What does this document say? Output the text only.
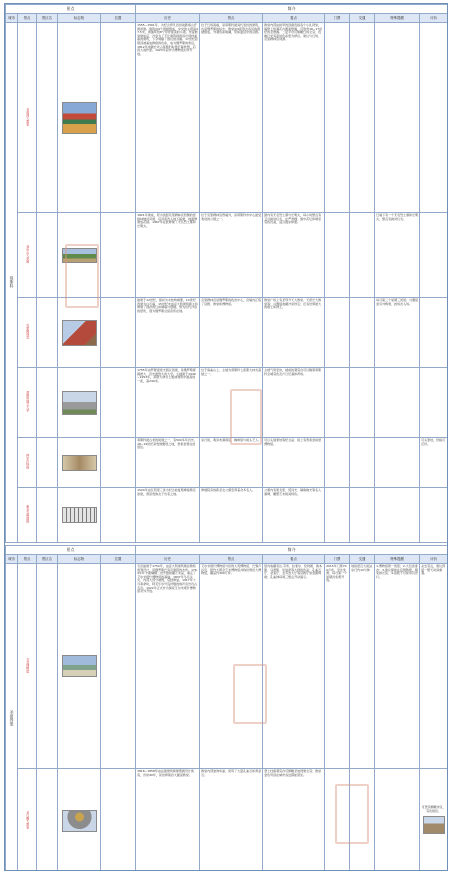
景点					简介						
城市	景点	景区名	标志物	位置	历史	景点	看点	门票	交通	特殊提醒	评价
莫斯科	圣彼得大教堂				1555~1561年，为纪念伊凡四世战胜喀山汗国而建。建筑由9个塔楼组成，中央的主塔高47.5米，周围环绕8个带洋葱顶的小塔。传说教堂建成后，沙皇为了不让建筑师再造出同样美丽的建筑，下令刺瞎了他们的双眼。17世纪起塔顶被漆成鲜艳的色彩，成为俄罗斯的象征。1812年拿破仑攻占莫斯科时曾打算炸毁，后因大雨作罢。1923年起作为博物馆对外开放。	位于红场南端，是莫斯科最具代表性的建筑，也是俄罗斯的标志。教堂由9座形态各异的塔楼组成，外观色彩斑斓，宛如童话中的宫殿。	教堂内部由狭窄的回廊连接各个小礼拜堂，墙壁上绘满花卉图案壁画，可欣赏16~17世纪的圣像画。二层平台可俯瞰红场全景；夜晚灯光亮起时色彩更为梦幻。建议与红场、克里姆林宫同游。				
	亚历山大花园				1821年建成，原为流经克里姆林宫西侧的涅格林纳河河道，后河流改入地下暗渠，地面修建成花园。1967年在此修建了无名烈士墓和长明火。	位于克里姆林宫西墙外，是莫斯科市中心最受欢迎的公园之一。	园内有无名烈士墓与长明火，每小时整点有卫兵换岗仪式，庄严肃穆；园中花坛和喷泉景致优美，适合散步休憩。			红墙下有一个无名烈士墓和长明火，整点有换岗仪式。	
	克里姆林宫				始建于12世纪，最初为木结构城堡，14世纪改建为白石墙，15世纪末由意大利建筑师主持修建了现存的红砖城墙与塔楼。曾为历代沙皇的居所，现为俄罗斯总统府所在地。	克里姆林宫是俄罗斯的政治中心，宫墙内汇集了宫殿、教堂和博物馆。	教堂广场上有圣母升天大教堂、天使长大教堂等；兵器馆收藏沙皇珍宝；还有世界最大的炮王和钟王。			每月第三个星期三闭馆；兵器馆需另外购票，按场次入场。	
	莫斯科国立大学				1755年由罗蒙诺索夫倡议创建，是俄罗斯规模最大、历史最悠久的大学。主楼建于1949~1953年，是斯大林式七姐妹建筑中最高的一座，高240米。	位于麻雀山上，主楼为莫斯科七座斯大林式高楼之一。	主楼气势宏伟，楼前的观景台可以眺望莫斯科全城景色及卢日尼基体育场。				
	阿尔巴特街				莫斯科最古老的街道之一，有500多年历史。18~19世纪是贵族聚居之地，普希金曾在此居住。	步行街，两旁布满商店、咖啡馆与街头艺人。	可以买到套娃等纪念品；街上有普希金故居博物馆。				可买套娃，价格可还价。
	新圣女修道院				1524年由瓦西里三世为纪念收复斯摩棱斯克而建，曾是贵族女子出家之地。	修道院旁的新圣女公墓安葬着众多名人。	公墓内有果戈里、契诃夫、赫鲁晓夫等名人墓碑，雕塑艺术极具特色。				
景点					简介						
城市	景点	景区名	标志物	位置	历史	景点	看点	门票	交通	特殊提醒	评价
圣彼得堡	冬宫博物馆				冬宫始建于1754年，由意大利建筑师拉斯特雷利设计，是俄罗斯巴洛克建筑的杰作。1764年叶卡捷琳娜二世开始收藏艺术品，奠定了艾尔米塔什博物馆的基础。1837年冬宫失火，内部大部分被毁，后经修复。1917年十月革命时，阿芙乐尔号巡洋舰的炮声宣告攻占冬宫。1922年正式作为国家艾尔米塔什博物馆对外开放。	艾尔米塔什博物馆与伦敦大英博物馆、巴黎卢浮宫、纽约大都会艺术博物馆并称世界四大博物馆，藏品约300万件。	馆内收藏有达·芬奇、拉斐尔、伦勃朗、鲁本斯、马蒂斯、毕加索等大师的作品；孔雀石厅、金銮厅、圣乔治大厅等宫殿厅堂金碧辉煌；孔雀钟每周三整点开动演示。	2015年门票700卢布，学生免费；每月第一个星期四免费开放。	地铁涅瓦大街站步行约10分钟	1.博物馆周一闭馆；2.大包需寄存；3.建议提前在官网购票，避免排长队；4.拍照不可使用闪光灯。	必去景点，建议预留一整天时间参观。
	圣以撒大教堂				1818~1858年由法国建筑师蒙费朗设计建造，历时40年，是世界第四大圆顶教堂。	教堂内部装饰华丽，使用了大量孔雀石和青金石。	登上柱廊观景台可俯瞰圣彼得堡全景；教堂金色穹顶在城市各处都能望见。				可登顶俯瞰市区，景色极佳。
